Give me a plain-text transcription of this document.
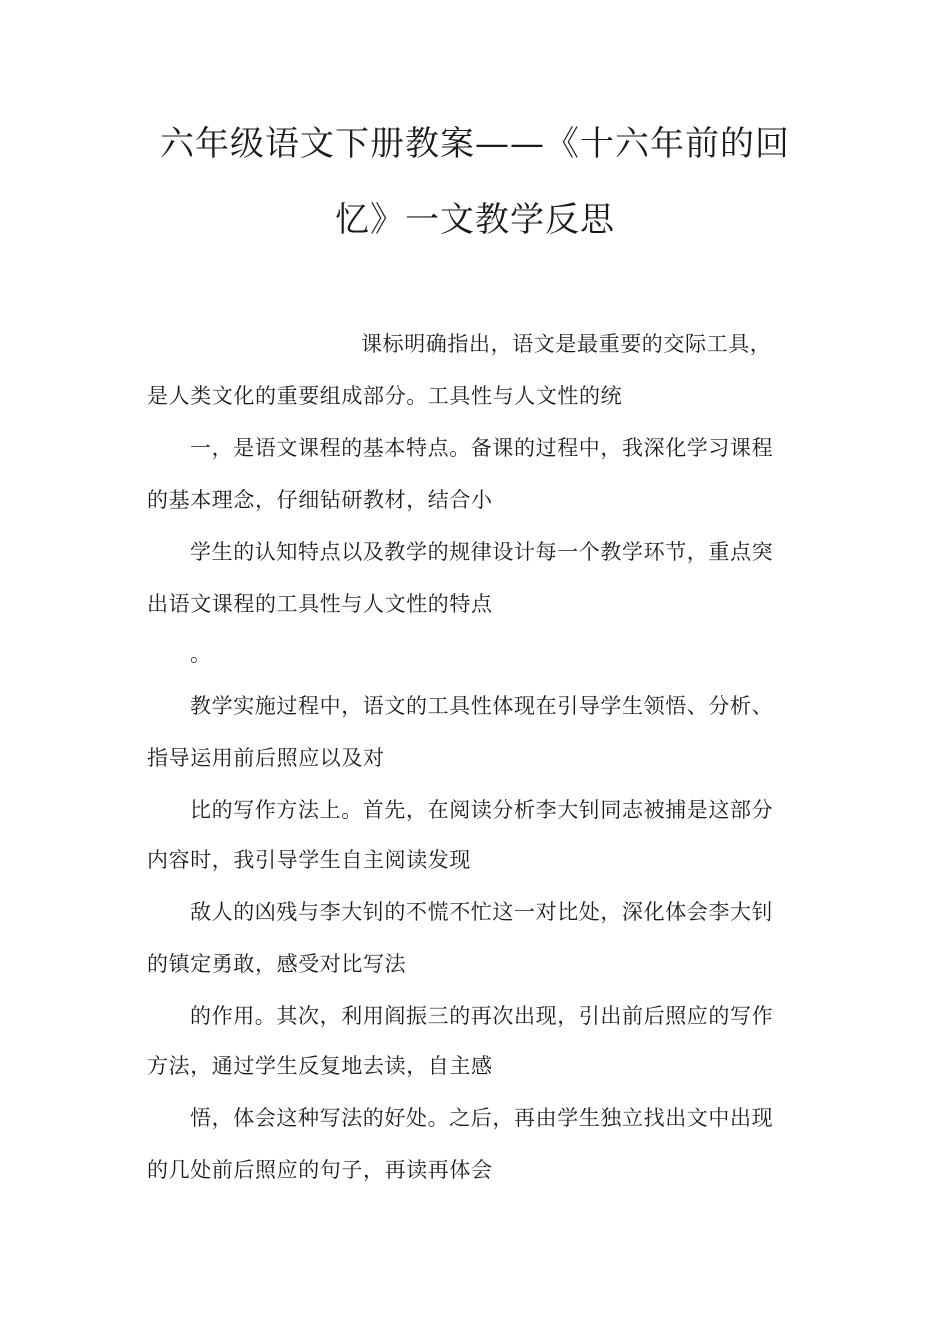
六年级语文下册教案——《十六年前的回
忆》一文教学反思
课标明确指出，语文是最重要的交际工具，
是人类文化的重要组成部分。工具性与人文性的统
一，是语文课程的基本特点。备课的过程中，我深化学习课程
的基本理念，仔细钻研教材，结合小
学生的认知特点以及教学的规律设计每一个教学环节，重点突
出语文课程的工具性与人文性的特点
。
教学实施过程中，语文的工具性体现在引导学生领悟、分析、
指导运用前后照应以及对
比的写作方法上。首先，在阅读分析李大钊同志被捕是这部分
内容时，我引导学生自主阅读发现
敌人的凶残与李大钊的不慌不忙这一对比处，深化体会李大钊
的镇定勇敢，感受对比写法
的作用。其次，利用阎振三的再次出现，引出前后照应的写作
方法，通过学生反复地去读，自主感
悟，体会这种写法的好处。之后，再由学生独立找出文中出现
的几处前后照应的句子，再读再体会
